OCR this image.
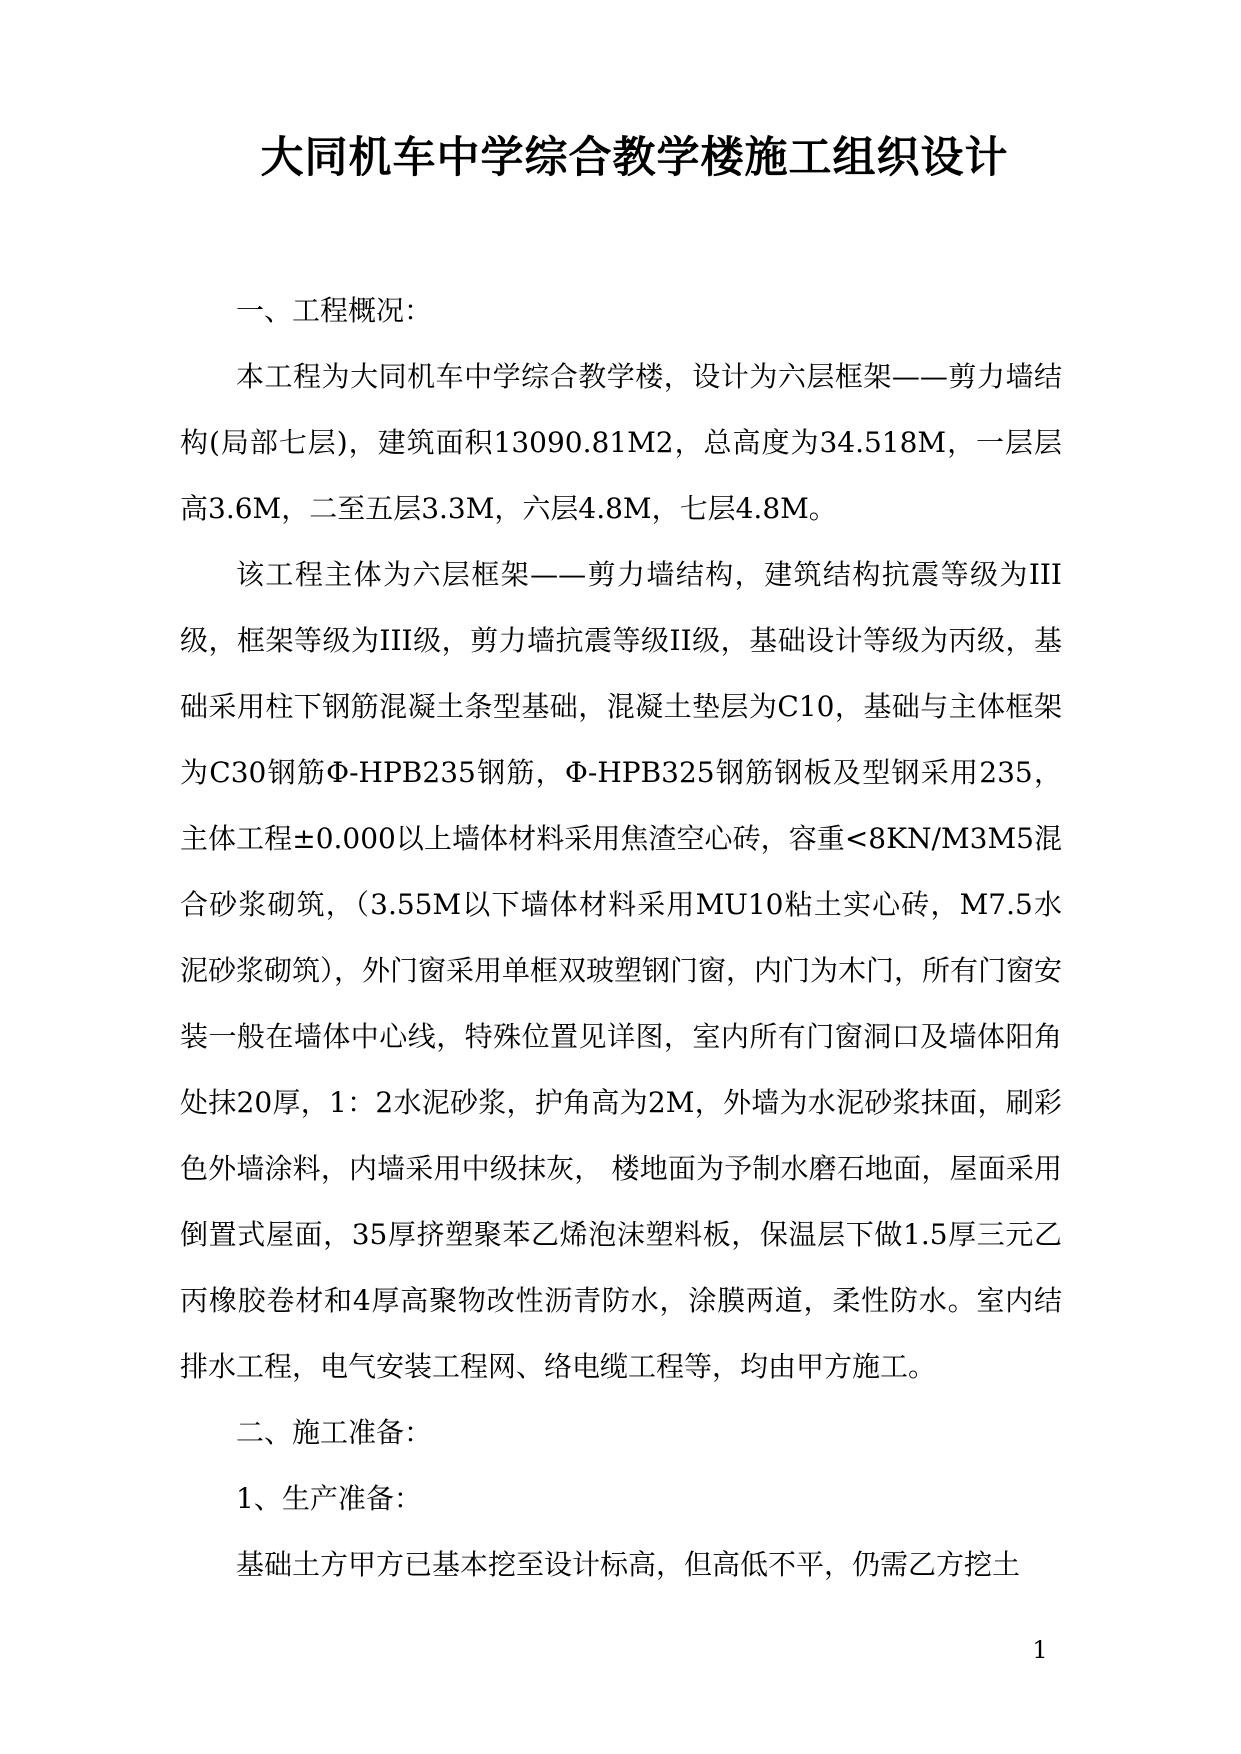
大同机车中学综合教学楼施工组织设计

一、工程概况：

本工程为大同机车中学综合教学楼，设计为六层框架——剪力墙结构(局部七层)，建筑面积13090.81M2，总高度为34.518M，一层层高3.6M，二至五层3.3M，六层4.8M，七层4.8M。

该工程主体为六层框架——剪力墙结构，建筑结构抗震等级为III级，框架等级为III级，剪力墙抗震等级II级，基础设计等级为丙级，基础采用柱下钢筋混凝土条型基础，混凝土垫层为C10，基础与主体框架为C30钢筋Φ-HPB235钢筋，Φ-HPB325钢筋钢板及型钢采用235，主体工程±0.000以上墙体材料采用焦渣空心砖，容重<8KN/M3M5混合砂浆砌筑，（3.55M以下墙体材料采用MU10粘土实心砖，M7.5水泥砂浆砌筑），外门窗采用单框双玻塑钢门窗，内门为木门，所有门窗安装一般在墙体中心线，特殊位置见详图，室内所有门窗洞口及墙体阳角处抹20厚，1：2水泥砂浆，护角高为2M，外墙为水泥砂浆抹面，刷彩色外墙涂料，内墙采用中级抹灰， 楼地面为予制水磨石地面，屋面采用倒置式屋面，35厚挤塑聚苯乙烯泡沫塑料板，保温层下做1.5厚三元乙丙橡胶卷材和4厚高聚物改性沥青防水，涂膜两道，柔性防水。室内结排水工程，电气安装工程网、络电缆工程等，均由甲方施工。

二、施工准备：

1、生产准备：

基础土方甲方已基本挖至设计标高，但高低不平，仍需乙方挖土

1
